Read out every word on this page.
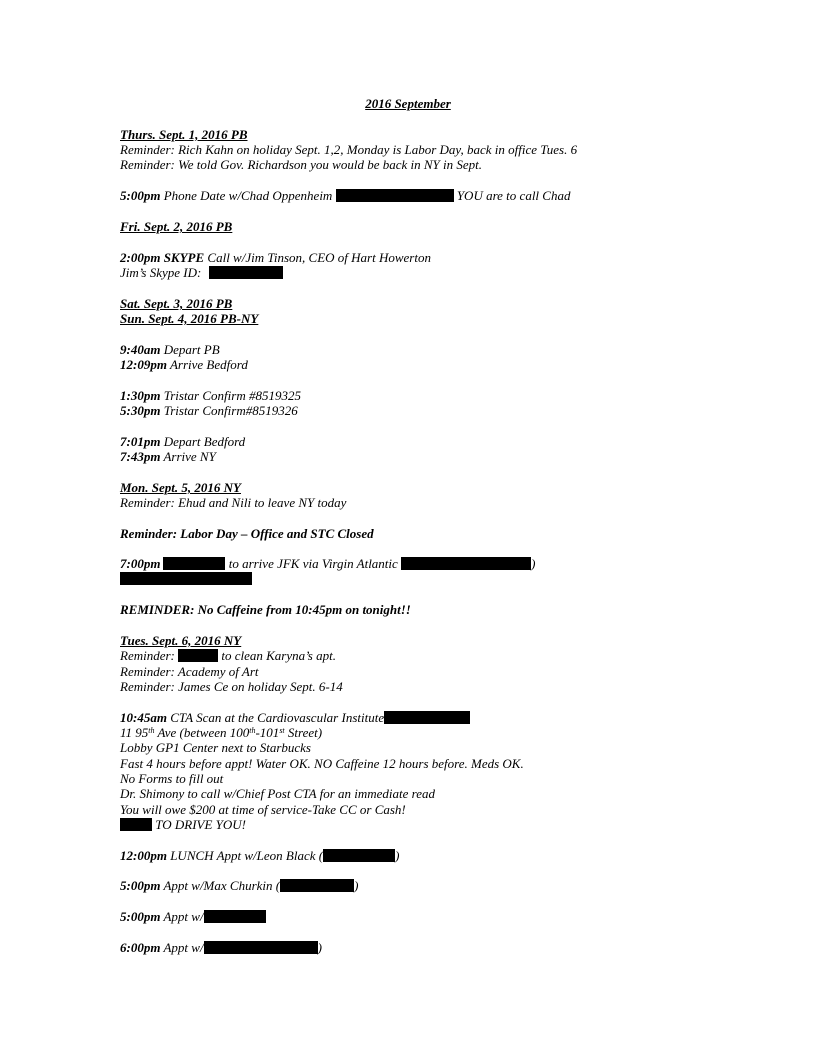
2016 September
Thurs. Sept. 1, 2016 PB
Reminder: Rich Kahn on holiday Sept. 1,2, Monday is Labor Day, back in office Tues. 6
Reminder: We told Gov. Richardson you would be back in NY in Sept.
5:00pm Phone Date w/Chad Oppenheim	YOU are to call Chad
Fri. Sept. 2, 2016 PB
2:00pm SKYPE Call w/Jim Tinson, CEO of Hart Howerton
Jim’s Skype ID:
Sat. Sept. 3, 2016 PB
Sun. Sept. 4, 2016 PB-NY
9:40am Depart PB
12:09pm Arrive Bedford
1:30pm Tristar Confirm #8519325
5:30pm Tristar Confirm#8519326
7:01pm Depart Bedford
7:43pm Arrive NY
Mon. Sept. 5, 2016 NY
Reminder: Ehud and Nili to leave NY today
Reminder: Labor Day – Office and STC Closed
7:00pm	to arrive JFK via Virgin Atlantic	)
REMINDER: No Caffeine from 10:45pm on tonight!!
Tues. Sept. 6, 2016 NY
Reminder:	to clean Karyna’s apt.
Reminder: Academy of Art
Reminder: James Ce on holiday Sept. 6-14
10:45am CTA Scan at the Cardiovascular Institute
11 95th Ave (between 100th-101st Street)
Lobby GP1 Center next to Starbucks
Fast 4 hours before appt! Water OK. NO Caffeine 12 hours before. Meds OK.
No Forms to fill out
Dr. Shimony to call w/Chief Post CTA for an immediate read
You will owe $200 at time of service-Take CC or Cash!
TO DRIVE YOU!
12:00pm LUNCH Appt w/Leon Black (	)
5:00pm Appt w/Max Churkin (	)
5:00pm Appt w/
6:00pm Appt w/	)
